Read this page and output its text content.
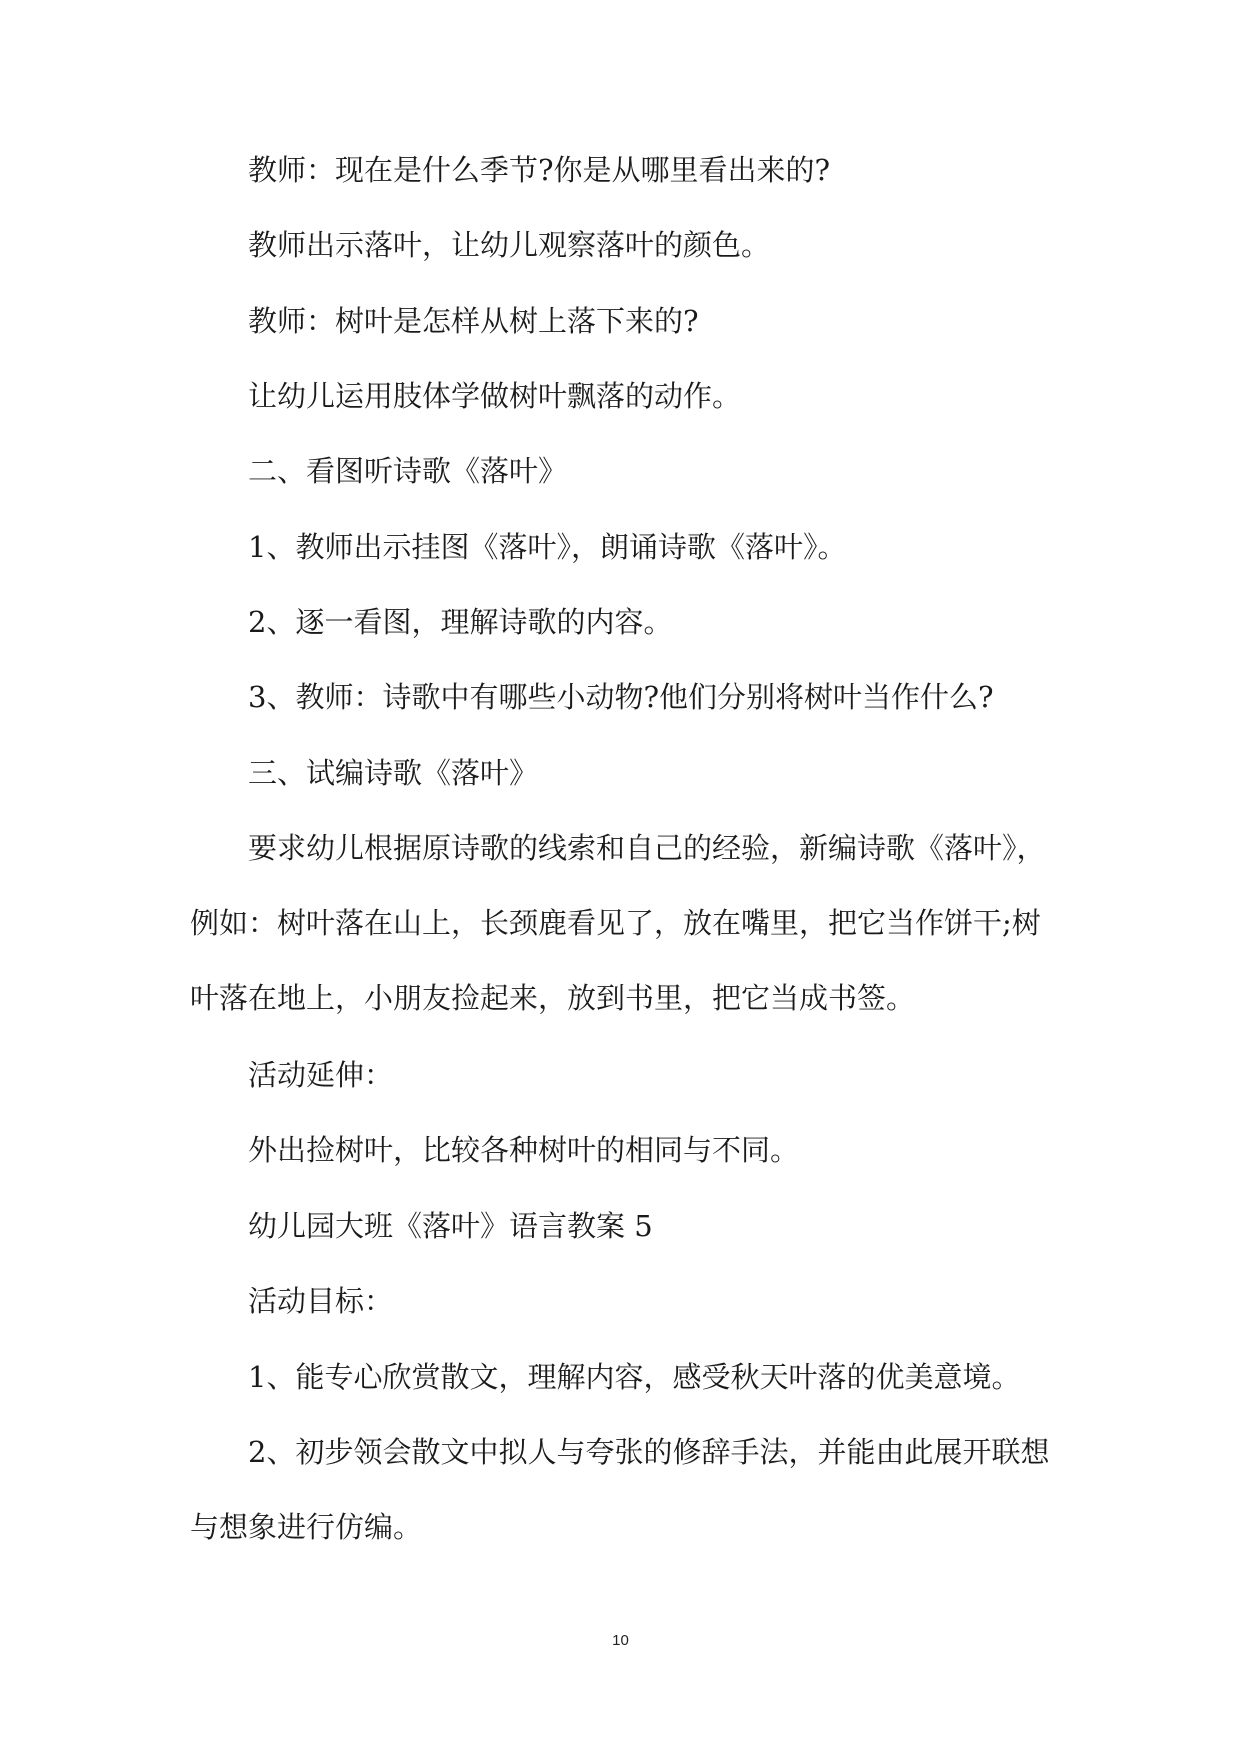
教师：现在是什么季节?你是从哪里看出来的?

教师出示落叶，让幼儿观察落叶的颜色。

教师：树叶是怎样从树上落下来的?

让幼儿运用肢体学做树叶飘落的动作。

二、看图听诗歌《落叶》

1、教师出示挂图《落叶》，朗诵诗歌《落叶》。

2、逐一看图，理解诗歌的内容。

3、教师：诗歌中有哪些小动物?他们分别将树叶当作什么?

三、试编诗歌《落叶》

要求幼儿根据原诗歌的线索和自己的经验，新编诗歌《落叶》，例如：树叶落在山上，长颈鹿看见了，放在嘴里，把它当作饼干;树叶落在地上，小朋友捡起来，放到书里，把它当成书签。

活动延伸：

外出捡树叶，比较各种树叶的相同与不同。

幼儿园大班《落叶》语言教案 5

活动目标：

1、能专心欣赏散文，理解内容，感受秋天叶落的优美意境。

2、初步领会散文中拟人与夸张的修辞手法，并能由此展开联想与想象进行仿编。

10
